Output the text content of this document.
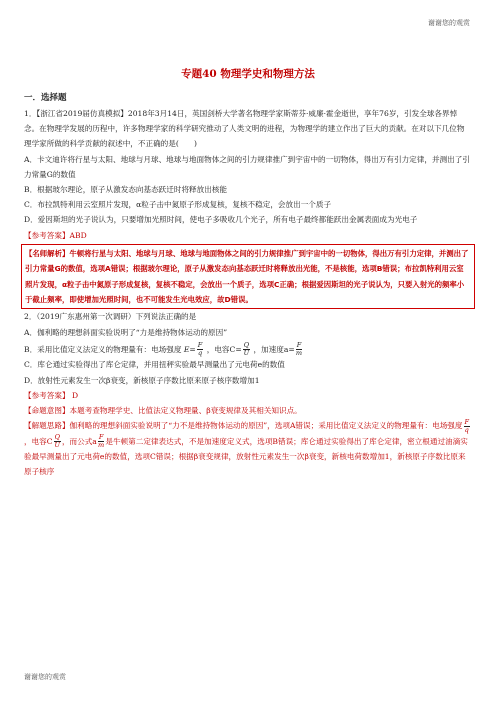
谢谢您的观赏
专题40 物理学史和物理方法
一．选择题

1．【浙江省2019届仿真模拟】2018年3月14日，英国剑桥大学著名物理学家斯蒂芬·威廉·霍金逝世，享年76岁，引发全球各界悼念。在物理学发展的历程中，许多物理学家的科学研究推动了人类文明的进程，为物理学的建立作出了巨大的贡献。在对以下几位物理学家所做的科学贡献的叙述中，不正确的是(　　)

A．卡文迪许将行星与太阳、地球与月球、地球与地面物体之间的引力规律推广到宇宙中的一切物体，得出万有引力定律，并测出了引力常量G的数值

B．根据玻尔理论，原子从激发态向基态跃迁时将释放出核能

C．布拉凯特利用云室照片发现，α粒子击中氮原子形成复核，复核不稳定，会放出一个质子

D．爱因斯坦的光子说认为，只要增加光照时间，使电子多吸收几个光子，所有电子最终都能跃出金属表面成为光电子

【参考答案】ABD

【名师解析】牛顿将行星与太阳、地球与月球、地球与地面物体之间的引力规律推广到宇宙中的一切物体，得出万有引力定律，并测出了引力常量G的数值，选项A错误；根据玻尔理论，原子从激发态向基态跃迁时将释放出光能，不是核能，选项B错误；布拉凯特利用云室照片发现，α粒子击中氮原子形成复核，复核不稳定，会放出一个质子，选项C正确；根据爱因斯坦的光子说认为，只要入射光的频率小于截止频率，即使增加光照时间，也不可能发生光电效应，故D错误。

2．（2019广东惠州第一次调研）下列说法正确的是

A．伽利略的理想斜面实验说明了“力是维持物体运动的原因”

B．采用比值定义法定义的物理量有：电场强度 $E= \frac{F}{q}$ ，电容$C= \frac{Q}{U}$ ，加速度$a= \frac{F}{m}$

C．库仑通过实验得出了库仑定律，并用扭秤实验最早测量出了元电荷e的数值

D．放射性元素发生一次β衰变，新核原子序数比原来原子核序数增加1

【参考答案】 D

【命题意图】本题考查物理学史、比值法定义物理量、β衰变规律及其相关知识点。

【解题思路】伽利略的理想斜面实验说明了“力不是维持物体运动的原因”，选项A错误；采用比值定义法定义的物理量有：电场强度 $\frac{F}{q}$
，电容C $\frac{Q}{U}$ ，而公式a $\frac{F}{m}$ 是牛顿第二定律表达式，不是加速度定义式，选项B错误；库仑通过实验得出了库仑定律，密立根通过油滴实验最早测量出了元电荷e的数值，选项C错误；根据β衰变规律，放射性元素发生一次β衰变，新核电荷数增加1，新核原子序数比原来原子核序

谢谢您的观赏
